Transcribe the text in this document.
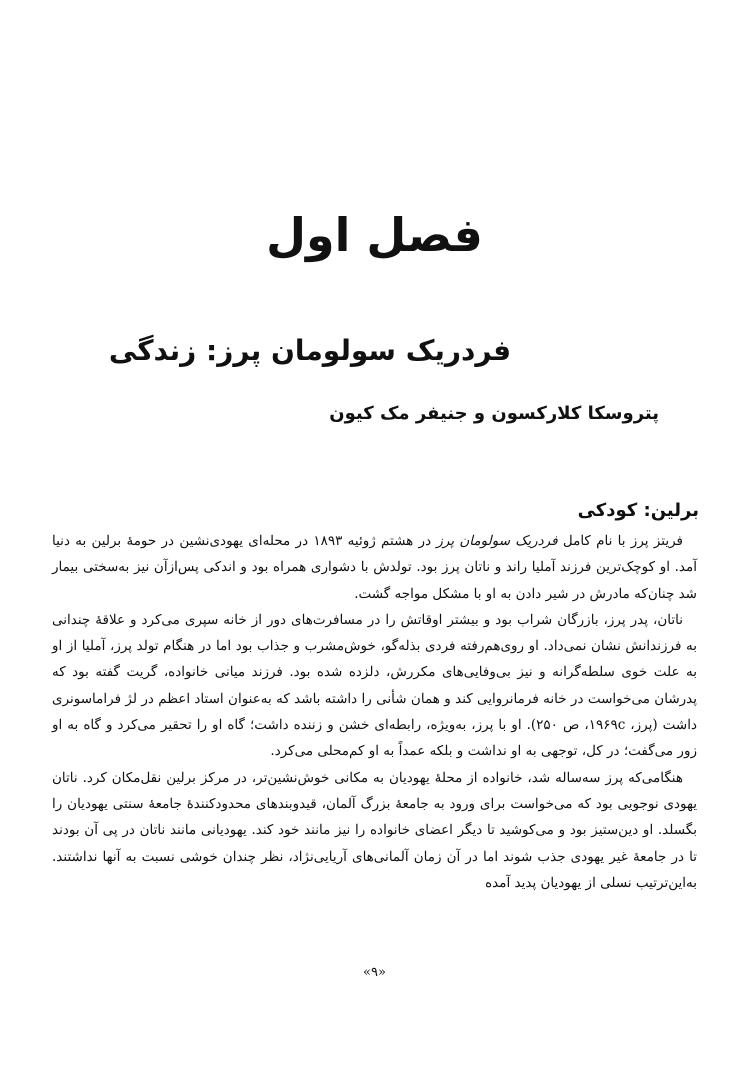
فصل اول
فردریک سولومان پرز: زندگی
پتروسکا کلارکسون و جنیفر مک کیون
برلین: کودکی

فریتز پرز با نام کامل فردریک سولومان پرز در هشتم ژوئیه ۱۸۹۳ در محله‌ای یهودی‌نشین در حومهٔ برلین به دنیا آمد. او کوچک‌ترین فرزند آملیا راند و ناتان پرز بود. تولدش با دشواری همراه بود و اندکی پس‌ازآن نیز به‌سختی بیمار شد چنان‌که مادرش در شیر دادن به او با مشکل مواجه گشت.

ناتان، پدر پرز، بازرگان شراب بود و بیشتر اوقاتش را در مسافرت‌های دور از خانه سپری می‌کرد و علاقهٔ چندانی به فرزندانش نشان نمی‌داد. او روی‌هم‌رفته فردی بذله‌گو، خوش‌مشرب و جذاب بود اما در هنگام تولد پرز، آملیا از او به علت خوی سلطه‌گرانه و نیز بی‌وفایی‌های مکررش، دلزده شده بود. فرزند میانی خانواده، گریت گفته بود که پدرشان می‌خواست در خانه فرمانروایی کند و همان شأنی را داشته باشد که به‌عنوان استاد اعظم در لژ فراماسونری داشت (پرز، ۱۹۶۹c، ص ۲۵۰). او با پرز، به‌ویژه، رابطه‌ای خشن و زننده داشت؛ گاه او را تحقیر می‌کرد و گاه به او زور می‌گفت؛ در کل، توجهی به او نداشت و بلکه عمداً به او کم‌محلی می‌کرد.

هنگامی‌که پرز سه‌ساله شد، خانواده از محلهٔ یهودیان به مکانی خوش‌نشین‌تر، در مرکز برلین نقل‌مکان کرد. ناتان یهودی نوجویی بود که می‌خواست برای ورود به جامعهٔ بزرگ آلمان، قیدوبندهای محدودکنندهٔ جامعهٔ سنتی یهودیان را بگسلد. او دین‌ستیز بود و می‌کوشید تا دیگر اعضای خانواده را نیز مانند خود کند. یهودیانی مانند ناتان در پی آن بودند تا در جامعهٔ غیر یهودی جذب شوند اما در آن زمان آلمانی‌های آریایی‌نژاد، نظر چندان خوشی نسبت به آنها نداشتند. به‌این‌ترتیب نسلی از یهودیان پدید آمده

«۹»
